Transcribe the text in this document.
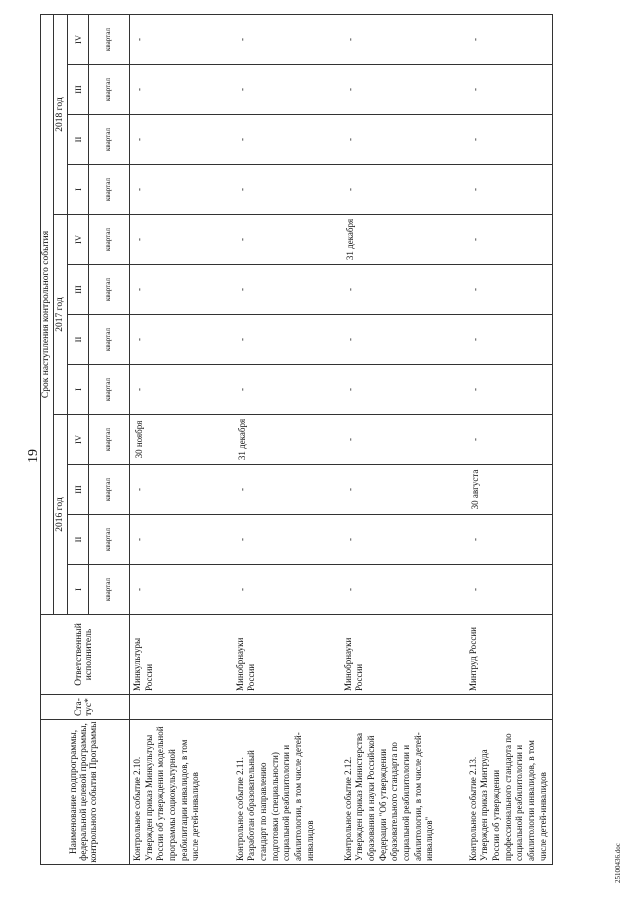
19
Наименование подпрограммы, федеральной целевой программы, контрольного события Программы	Ста-тус*	Ответственный исполнитель	Срок наступления контрольного события											
			2016 год				2017 год				2018 год			
			I	II	III	IV	I	II	III	IV	I	II	III	IV
			квартал	квартал	квартал	квартал	квартал	квартал	квартал	квартал	квартал	квартал	квартал	квартал
Контрольное событие 2.10. Утвержден приказ Минкультуры России об утверждении модельной программы социокультурной реабилитации инвалидов, в том числе детей-инвалидов		Минкультуры России	-	-	-	30 ноября	-	-	-	-	-	-	-	-

Контрольное событие 2.11. Разработан образовательный стандарт по направлению подготовки (специальности) социальной реабилитологии и абилитологии, в том числе детей-инвалидов		Минобрнауки России	-	-	-	31 декабря	-	-	-	-	-	-	-	-

Контрольное событие 2.12. Утвержден приказ Министерства образования и науки Российской Федерации "Об утверждении образовательного стандарта по социальной реабилитологии и абилитологии, в том числе детей-инвалидов"		Минобрнауки России	-	-	-	-	-	-	-	31 декабря	-	-	-	-

Контрольное событие 2.13. Утвержден приказ Минтруда России об утверждении профессионального стандарта по социальной реабилитологии и абилитологии инвалидов, в том числе детей-инвалидов		Минтруд России	-	-	30 августа	-	-	-	-	-	-	-	-	-
25100436.doc
